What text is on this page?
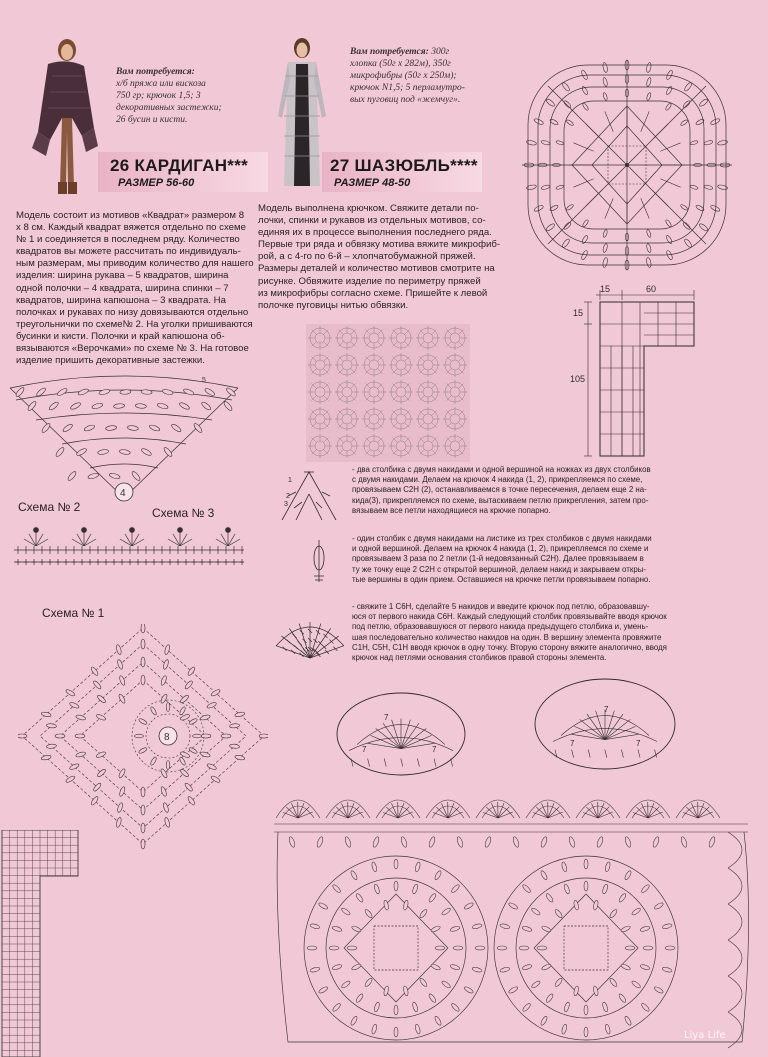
Вам потребуется:
х/б пряжа или вискоза
750 гр; крючок 1,5; 3
декоративных застежки;
26 бусин и кисти.
26 КАРДИГАН***
РАЗМЕР 56-60
Модель состоит из мотивов «Квадрат» размером 8
х 8 см. Каждый квадрат вяжется отдельно по схеме
№ 1 и соединяется в последнем ряду. Количество
квадратов вы можете рассчитать по индивидуаль-
ным размерам, мы приводим количество для нашего
изделия: ширина рукава – 5 квадратов, ширина
одной полочки – 4 квадрата, ширина спинки – 7
квадратов, ширина капюшона – 3 квадрата. На
полочках и рукавах по низу довязываются отдельно
треугольнички по схеме№ 2. На уголки пришиваются
бусинки и кисти. Полочки и край капюшона об-
вязываются «Верочками» по схеме № 3. На готовое
изделие пришить декоративные застежки.
Вам потребуется: 300г
хлопка (50г х 282м), 350г
микрофибры (50г х 250м);
крючок N1,5; 5 перламутро-
вых пуговиц под «жемчуг».
27 ШАЗЮБЛЬ****
РАЗМЕР 48-50
Модель выполнена крючком. Свяжите детали по-
лочки, спинки и рукавов из отдельных мотивов, со-
единяя их в процессе выполнения последнего ряда.
Первые три ряда и обвязку мотива вяжите микрофиб-
рой, а с 4-го по 6-й – хлопчатобумажной пряжей.
Размеры деталей и количество мотивов смотрите на
рисунке. Обвяжите изделие по периметру пряжей
из микрофибры согласно схеме. Пришейте к левой
полочке пуговицы нитью обвязки.
15	60
15
105
4
5
Схема № 2	Схема № 3
Схема № 1
8
1
2
3
- два столбика с двумя накидами и одной вершиной на ножках из двух столбиков
с двумя накидами. Делаем на крючок 4 накида (1, 2), прикрепляемся по схеме,
провязываем С2Н (2), останавливаемся в точке пересечения, делаем еще 2 на-
кида(3), прикрепляемся по схеме, вытаскиваем петлю прикрепления, затем про-
вязываем все петли находящиеся на крючке попарно.
- один столбик с двумя накидами на листике из трех столбиков с двумя накидами
и одной вершиной. Делаем на крючок 4 накида (1, 2), прикрепляемся по схеме и
провязываем 3 раза по 2 петли (1-й недовязанный С2Н). Далее провязываем в
ту же точку еще 2 С2Н с открытой вершиной, делаем накид и закрываем откры-
тые вершины в один прием. Оставшиеся на крючке петли провязываем попарно.
- свяжите 1 С6Н, сделайте 5 накидов и введите крючок под петлю, образовавшу-
юся от первого накида С6Н. Каждый следующий столбик провязывайте вводя крючок
под петлю, образовавшуюся от первого накида предыдущего столбика и, умень-
шая последовательно количество накидов на один. В вершину элемента провяжите
С1Н, С5Н, С1Н вводя крючок в одну точку. Вторую сторону вяжите аналогично, вводя
крючок над петлями основания столбиков правой стороны элемента.
7
7	7
7
7	7
Liya Life
